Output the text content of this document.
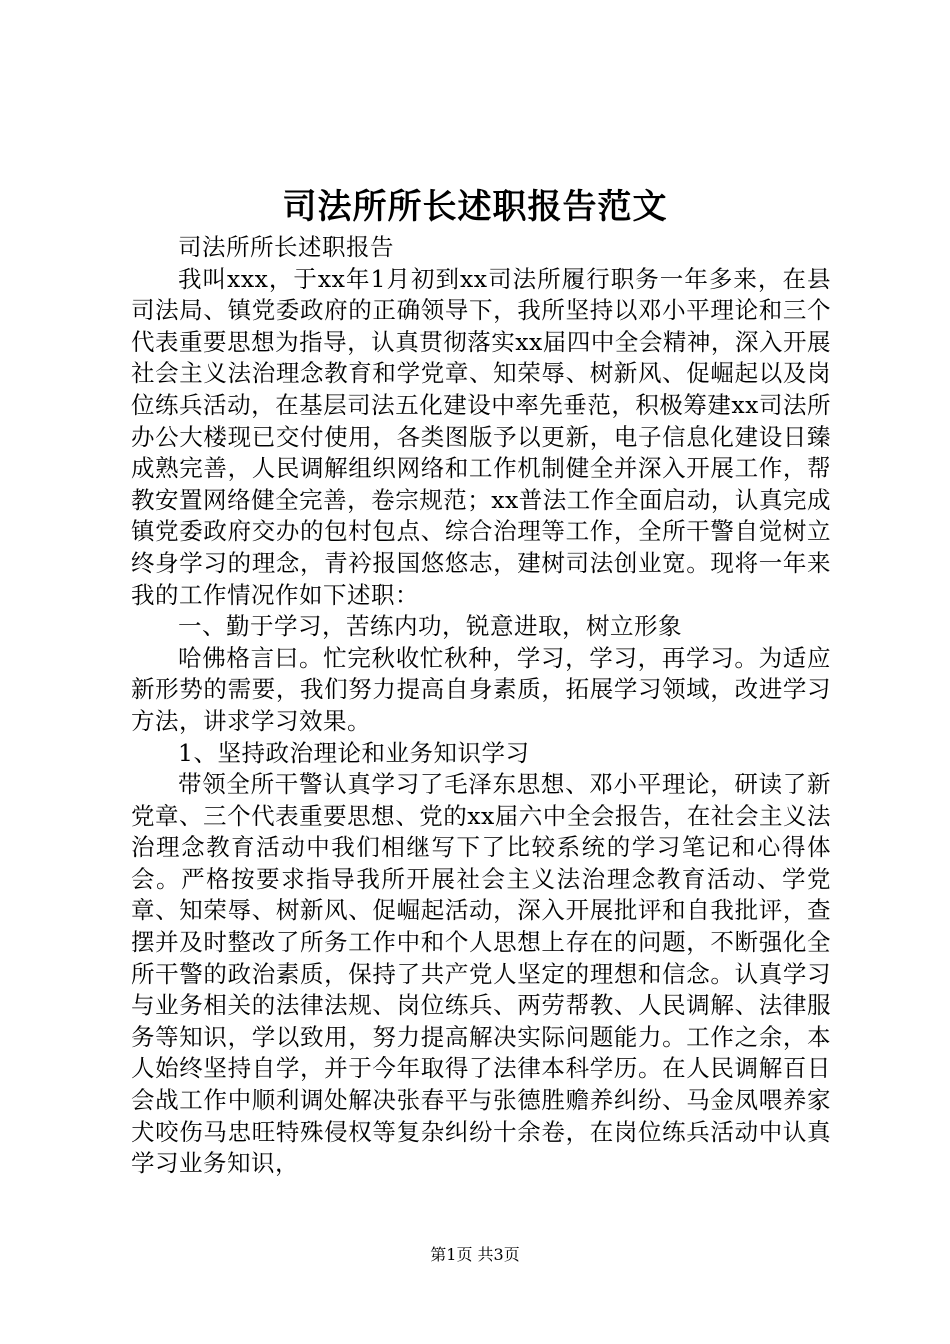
司法所所长述职报告范文

司法所所长述职报告

我叫xxx，于xx年1月初到xx司法所履行职务一年多来，在县司法局、镇党委政府的正确领导下，我所坚持以邓小平理论和三个代表重要思想为指导，认真贯彻落实xx届四中全会精神，深入开展社会主义法治理念教育和学党章、知荣辱、树新风、促崛起以及岗位练兵活动，在基层司法五化建设中率先垂范，积极筹建xx司法所办公大楼现已交付使用，各类图版予以更新，电子信息化建设日臻成熟完善，人民调解组织网络和工作机制健全并深入开展工作，帮教安置网络健全完善，卷宗规范；xx普法工作全面启动，认真完成镇党委政府交办的包村包点、综合治理等工作，全所干警自觉树立终身学习的理念，青衿报国悠悠志，建树司法创业宽。现将一年来我的工作情况作如下述职：

一、勤于学习，苦练内功，锐意进取，树立形象

哈佛格言曰。忙完秋收忙秋种，学习，学习，再学习。为适应新形势的需要，我们努力提高自身素质，拓展学习领域，改进学习方法，讲求学习效果。

1、坚持政治理论和业务知识学习

带领全所干警认真学习了毛泽东思想、邓小平理论，研读了新党章、三个代表重要思想、党的xx届六中全会报告，在社会主义法治理念教育活动中我们相继写下了比较系统的学习笔记和心得体会。严格按要求指导我所开展社会主义法治理念教育活动、学党章、知荣辱、树新风、促崛起活动，深入开展批评和自我批评，查摆并及时整改了所务工作中和个人思想上存在的问题，不断强化全所干警的政治素质，保持了共产党人坚定的理想和信念。认真学习与业务相关的法律法规、岗位练兵、两劳帮教、人民调解、法律服务等知识，学以致用，努力提高解决实际问题能力。工作之余，本人始终坚持自学，并于今年取得了法律本科学历。在人民调解百日会战工作中顺利调处解决张春平与张德胜赡养纠纷、马金凤喂养家犬咬伤马忠旺特殊侵权等复杂纠纷十余卷，在岗位练兵活动中认真学习业务知识，

第1页 共3页
